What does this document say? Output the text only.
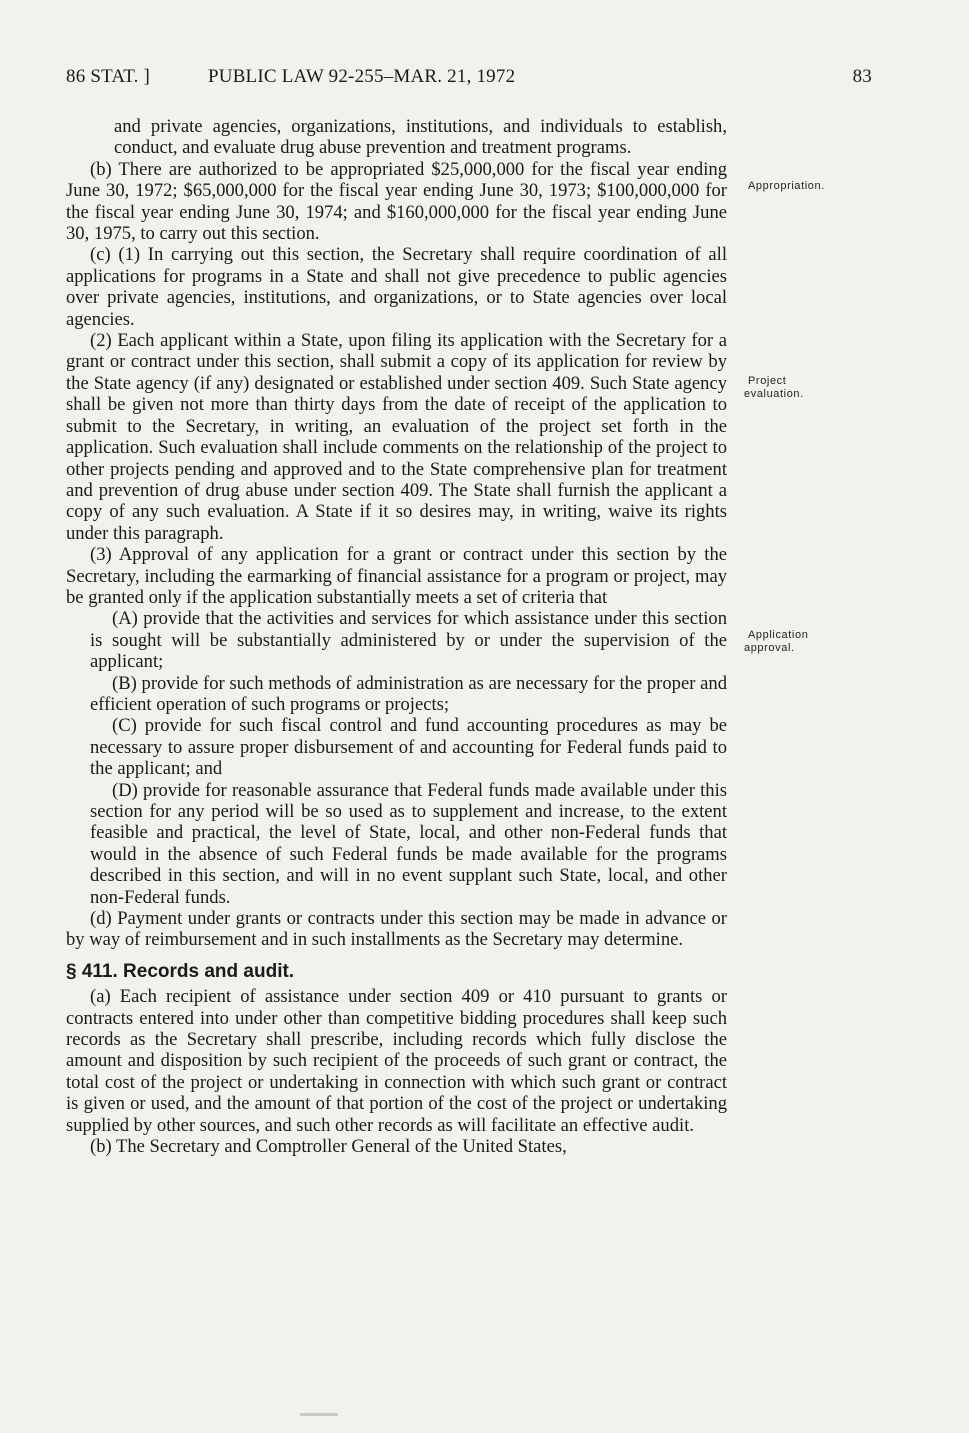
86 STAT. ]	PUBLIC LAW 92-255–MAR. 21, 1972	83

and private agencies, organizations, institutions, and individuals to establish, conduct, and evaluate drug abuse prevention and treatment programs.

(b) There are authorized to be appropriated $25,000,000 for the fiscal year ending June 30, 1972; $65,000,000 for the fiscal year ending June 30, 1973; $100,000,000 for the fiscal year ending June 30, 1974; and $160,000,000 for the fiscal year ending June 30, 1975, to carry out this section.

(c) (1) In carrying out this section, the Secretary shall require coordination of all applications for programs in a State and shall not give precedence to public agencies over private agencies, institutions, and organizations, or to State agencies over local agencies.

(2) Each applicant within a State, upon filing its application with the Secretary for a grant or contract under this section, shall submit a copy of its application for review by the State agency (if any) designated or established under section 409. Such State agency shall be given not more than thirty days from the date of receipt of the application to submit to the Secretary, in writing, an evaluation of the project set forth in the application. Such evaluation shall include comments on the relationship of the project to other projects pending and approved and to the State comprehensive plan for treatment and prevention of drug abuse under section 409. The State shall furnish the applicant a copy of any such evaluation. A State if it so desires may, in writing, waive its rights under this paragraph.

(3) Approval of any application for a grant or contract under this section by the Secretary, including the earmarking of financial assistance for a program or project, may be granted only if the application substantially meets a set of criteria that

(A) provide that the activities and services for which assistance under this section is sought will be substantially administered by or under the supervision of the applicant;

(B) provide for such methods of administration as are necessary for the proper and efficient operation of such programs or projects;

(C) provide for such fiscal control and fund accounting procedures as may be necessary to assure proper disbursement of and accounting for Federal funds paid to the applicant; and

(D) provide for reasonable assurance that Federal funds made available under this section for any period will be so used as to supplement and increase, to the extent feasible and practical, the level of State, local, and other non-Federal funds that would in the absence of such Federal funds be made available for the programs described in this section, and will in no event supplant such State, local, and other non-Federal funds.

(d) Payment under grants or contracts under this section may be made in advance or by way of reimbursement and in such installments as the Secretary may determine.

§ 411. Records and audit.

(a) Each recipient of assistance under section 409 or 410 pursuant to grants or contracts entered into under other than competitive bidding procedures shall keep such records as the Secretary shall prescribe, including records which fully disclose the amount and disposition by such recipient of the proceeds of such grant or contract, the total cost of the project or undertaking in connection with which such grant or contract is given or used, and the amount of that portion of the cost of the project or undertaking supplied by other sources, and such other records as will facilitate an effective audit.

(b) The Secretary and Comptroller General of the United States,

Appropriation.
Project
evaluation.
Application
approval.
